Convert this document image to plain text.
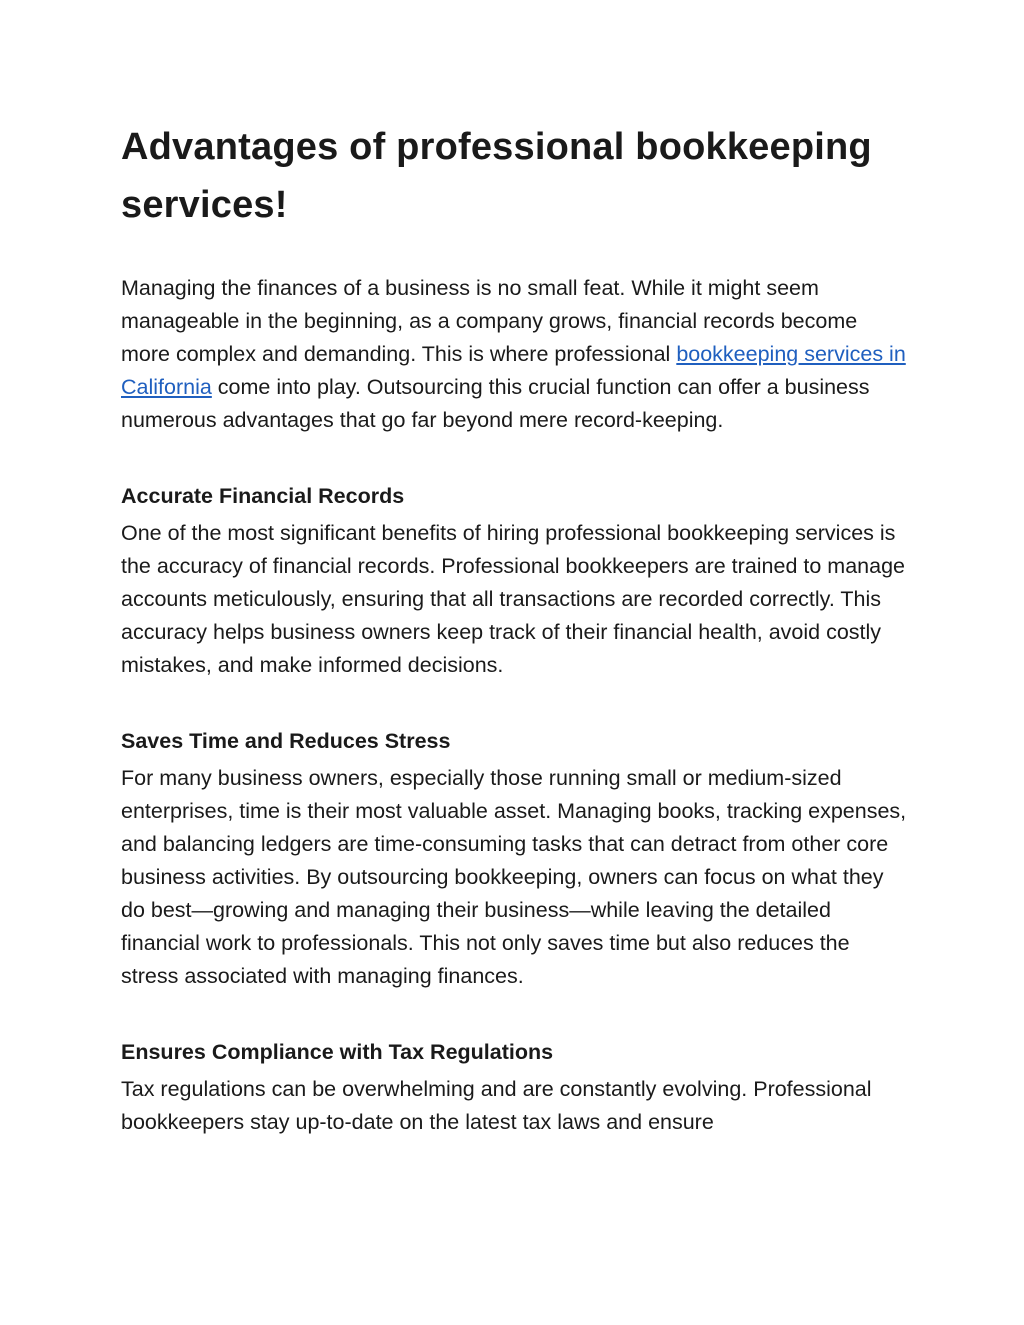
Advantages of professional bookkeeping services!

Managing the finances of a business is no small feat. While it might seem manageable in the beginning, as a company grows, financial records become more complex and demanding. This is where professional bookkeeping services in California come into play. Outsourcing this crucial function can offer a business numerous advantages that go far beyond mere record-keeping.

Accurate Financial Records

One of the most significant benefits of hiring professional bookkeeping services is the accuracy of financial records. Professional bookkeepers are trained to manage accounts meticulously, ensuring that all transactions are recorded correctly. This accuracy helps business owners keep track of their financial health, avoid costly mistakes, and make informed decisions.

Saves Time and Reduces Stress

For many business owners, especially those running small or medium-sized enterprises, time is their most valuable asset. Managing books, tracking expenses, and balancing ledgers are time-consuming tasks that can detract from other core business activities. By outsourcing bookkeeping, owners can focus on what they do best—growing and managing their business—while leaving the detailed financial work to professionals. This not only saves time but also reduces the stress associated with managing finances.

Ensures Compliance with Tax Regulations

Tax regulations can be overwhelming and are constantly evolving. Professional bookkeepers stay up-to-date on the latest tax laws and ensure
